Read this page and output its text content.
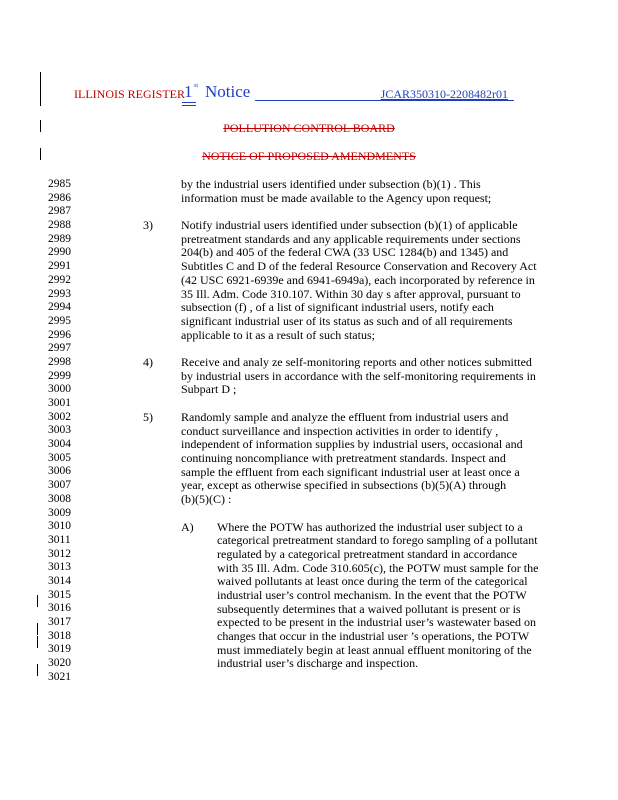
ILLINOIS REGISTER 1 st Notice	JCAR350310-2208482r01
POLLUTION CONTROL BOARD
NOTICE OF PROPOSED AMENDMENTS
2985
2986
2987
2988
2989
2990
2991
2992
2993
2994
2995
2996
2997
2998
2999
3000
3001
3002
3003
3004
3005
3006
3007
3008
3009
3010
3011
3012
3013
3014
3015
3016
3017
3018
3019
3020
3021
by the industrial users identified under subsection (b)(1) . This
information must be made available to the Agency upon request;
3) Notify industrial users identified under subsection (b)(1) of applicable
pretreatment standards and any applicable requirements under sections
204(b) and 405 of the federal CWA (33 USC 1284(b) and 1345) and
Subtitles C and D of the federal Resource Conservation and Recovery Act
(42 USC 6921-6939e and 6941-6949a), each incorporated by reference in
35 Ill. Adm. Code 310.107. Within 30 day s after approval, pursuant to
subsection (f) , of a list of significant industrial users, notify each
significant industrial user of its status as such and of all requirements
applicable to it as a result of such status;
4) Receive and analy ze self-monitoring reports and other notices submitted
by industrial users in accordance with the self-monitoring requirements in
Subpart D ;
5) Randomly sample and analyze the effluent from industrial users and
conduct surveillance and inspection activities in order to identify ,
independent of information supplies by industrial users, occasional and
continuing noncompliance with pretreatment standards. Inspect and
sample the effluent from each significant industrial user at least once a
year, except as otherwise specified in subsections (b)(5)(A) through
(b)(5)(C) :
A) Where the POTW has authorized the industrial user subject to a
categorical pretreatment standard to forego sampling of a pollutant
regulated by a categorical pretreatment standard in accordance
with 35 Ill. Adm. Code 310.605(c), the POTW must sample for the
waived pollutants at least once during the term of the categorical
industrial user’s control mechanism. In the event that the POTW
subsequently determines that a waived pollutant is present or is
expected to be present in the industrial user’s wastewater based on
changes that occur in the industrial user ’s operations, the POTW
must immediately begin at least annual effluent monitoring of the
industrial user’s discharge and inspection.
